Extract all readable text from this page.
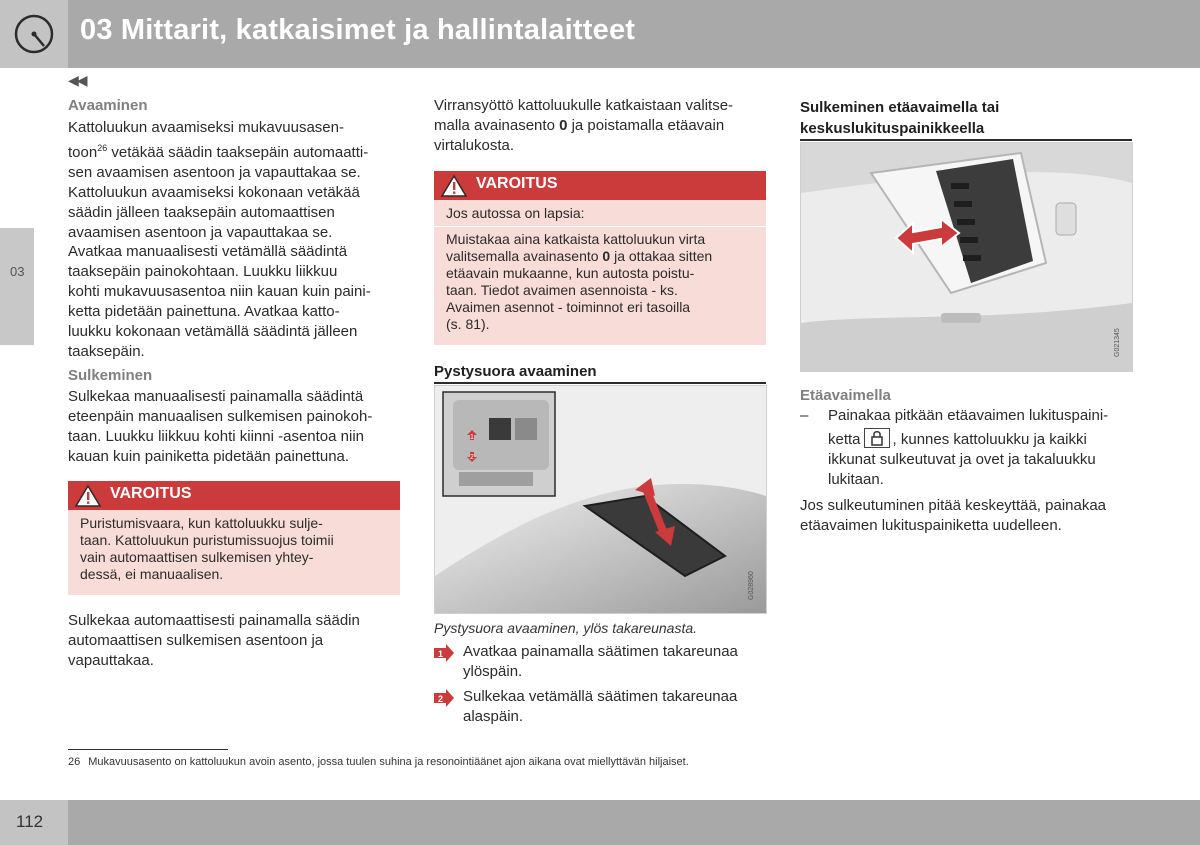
03 Mittarit, katkaisimet ja hallintalaitteet
03
◀◀
Avaaminen
Kattoluukun avaamiseksi mukavuusasen-
toon$^{26}$ vetäkää säädin taaksepäin automaatti-
sen avaamisen asentoon ja vapauttakaa se.
Kattoluukun avaamiseksi kokonaan vetäkää
säädin jälleen taaksepäin automaattisen
avaamisen asentoon ja vapauttakaa se.
Avatkaa manuaalisesti vetämällä säädintä
taaksepäin painokohtaan. Luukku liikkuu
kohti mukavuusasentoa niin kauan kuin paini-
ketta pidetään painettuna. Avatkaa katto-
luukku kokonaan vetämällä säädintä jälleen
taaksepäin.
Sulkeminen
Sulkekaa manuaalisesti painamalla säädintä
eteenpäin manuaalisen sulkemisen painokoh-
taan. Luukku liikkuu kohti kiinni -asentoa niin
kauan kuin painiketta pidetään painettuna.
VAROITUS
Puristumisvaara, kun kattoluukku sulje-
taan. Kattoluukun puristumissuojus toimii
vain automaattisen sulkemisen yhtey-
dessä, ei manuaalisen.
Sulkekaa automaattisesti painamalla säädin
automaattisen sulkemisen asentoon ja
vapauttakaa.
Virransyöttö kattoluukulle katkaistaan valitse-
malla avainasento 0 ja poistamalla etäavain
virtalukosta.
VAROITUS
Jos autossa on lapsia:
Muistakaa aina katkaista kattoluukun virta
valitsemalla avainasento 0 ja ottakaa sitten
etäavain mukaanne, kun autosta poistu-
taan. Tiedot avaimen asennoista - ks.
Avaimen asennot - toiminnot eri tasoilla
(s. 81).
Pystysuora avaaminen
G028960
1
2
Pystysuora avaaminen, ylös takareunasta.
1 Avatkaa painamalla säätimen takareunaa
ylöspäin.
2 Sulkekaa vetämällä säätimen takareunaa
alaspäin.
Sulkeminen etäavaimella tai
keskuslukituspainikkeella
G021345
Etäavaimella
– Painakaa pitkään etäavaimen lukituspaini-
ketta , kunnes kattoluukku ja kaikki
ikkunat sulkeutuvat ja ovet ja takaluukku
lukitaan.
Jos sulkeutuminen pitää keskeyttää, painakaa
etäavaimen lukituspainiketta uudelleen.
26 Mukavuusasento on kattoluukun avoin asento, jossa tuulen suhina ja resonointiäänet ajon aikana ovat miellyttävän hiljaiset.
112
